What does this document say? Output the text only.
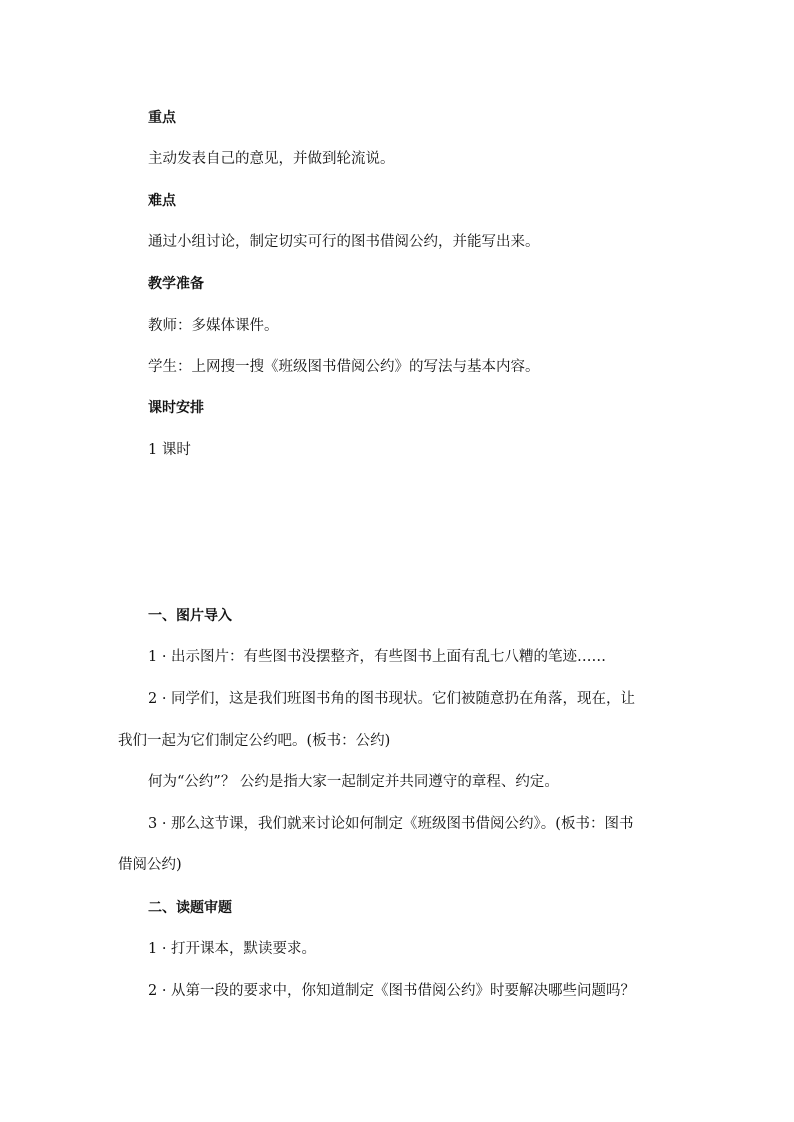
重点
主动发表自己的意见，并做到轮流说。
难点
通过小组讨论，制定切实可行的图书借阅公约，并能写出来。
教学准备
教师：多媒体课件。
学生：上网搜一搜《班级图书借阅公约》的写法与基本内容。
课时安排
1 课时
一、图片导入
1 · 出示图片：有些图书没摆整齐，有些图书上面有乱七八糟的笔迹……
2 · 同学们，这是我们班图书角的图书现状。它们被随意扔在角落，现在，让
我们一起为它们制定公约吧。(板书：公约)
何为“公约”？ 公约是指大家一起制定并共同遵守的章程、约定。
3 · 那么这节课，我们就来讨论如何制定《班级图书借阅公约》。(板书：图书
借阅公约)
二、读题审题
1 · 打开课本，默读要求。
2 · 从第一段的要求中，你知道制定《图书借阅公约》时要解决哪些问题吗？
